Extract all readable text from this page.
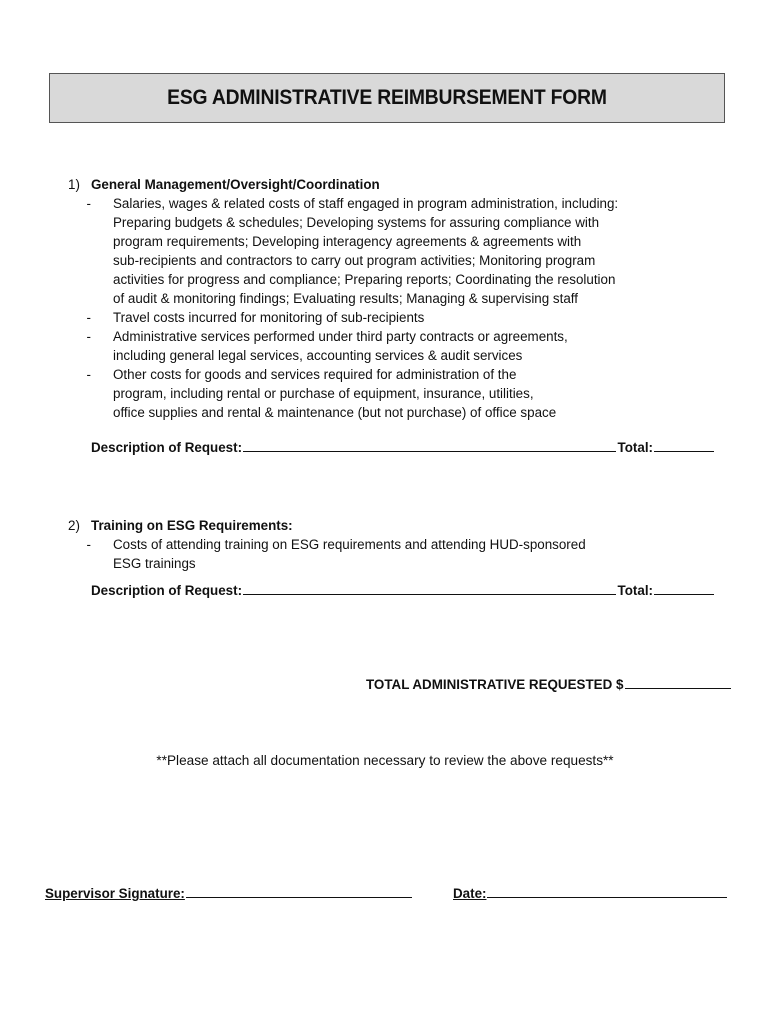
ESG ADMINISTRATIVE REIMBURSEMENT FORM
1) General Management/Oversight/Coordination
-	Salaries, wages & related costs of staff engaged in program administration, including:
Preparing budgets & schedules; Developing systems for assuring compliance with
program requirements; Developing interagency agreements & agreements with
sub-recipients and contractors to carry out program activities; Monitoring program
activities for progress and compliance; Preparing reports; Coordinating the resolution
of audit & monitoring findings; Evaluating results; Managing & supervising staff
-	Travel costs incurred for monitoring of sub-recipients
-	Administrative services performed under third party contracts or agreements,
including general legal services, accounting services & audit services
-	Other costs for goods and services required for administration of the
program, including rental or purchase of equipment, insurance, utilities,
office supplies and rental & maintenance (but not purchase) of office space
Description of Request:	Total:
2) Training on ESG Requirements:
-	Costs of attending training on ESG requirements and attending HUD-sponsored
ESG trainings
Description of Request:	Total:
TOTAL ADMINISTRATIVE REQUESTED $
**Please attach all documentation necessary to review the above requests**
Supervisor Signature:	Date:
